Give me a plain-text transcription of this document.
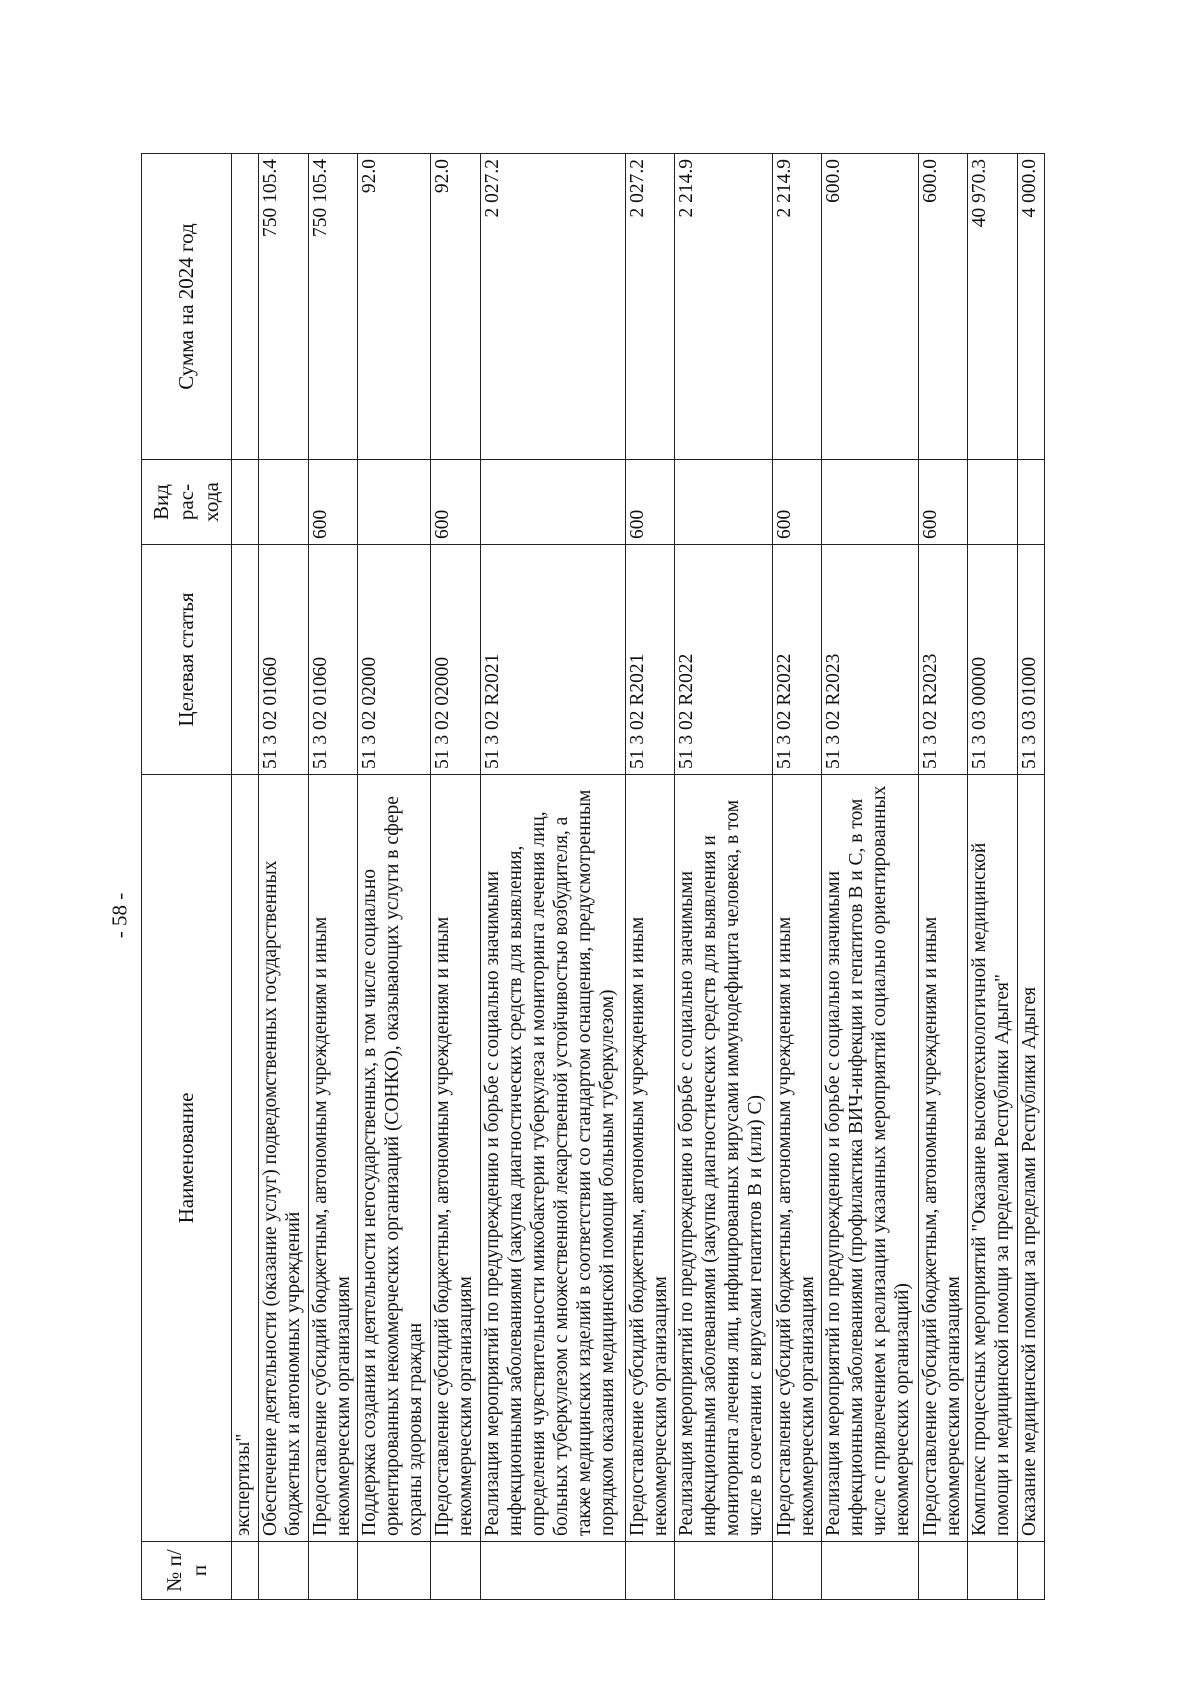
- 58 -
№ п/п	Наименование	Целевая статья	Вид рас-хода	Сумма на 2024 год
	экспертизы"			
	Обеспечение деятельности (оказание услуг) подведомственных государственных бюджетных и автономных учреждений	51 3 02 01060		750 105.4
	Предоставление субсидий бюджетным, автономным учреждениям и иным некоммерческим организациям	51 3 02 01060	600	750 105.4
	Поддержка создания и деятельности негосударственных, в том числе социально ориентированных некоммерческих организаций (СОНКО), оказывающих услуги в сфере охраны здоровья граждан	51 3 02 02000		92.0
	Предоставление субсидий бюджетным, автономным учреждениям и иным некоммерческим организациям	51 3 02 02000	600	92.0
	Реализация мероприятий по предупреждению и борьбе с социально значимыми инфекционными заболеваниями (закупка диагностических средств для выявления, определения чувствительности микобактерии туберкулеза и мониторинга лечения лиц, больных туберкулезом с множественной лекарственной устойчивостью возбудителя, а также медицинских изделий в соответствии со стандартом оснащения, предусмотренным порядком оказания медицинской помощи больным туберкулезом)	51 3 02 R2021		2 027.2
	Предоставление субсидий бюджетным, автономным учреждениям и иным некоммерческим организациям	51 3 02 R2021	600	2 027.2
	Реализация мероприятий по предупреждению и борьбе с социально значимыми инфекционными заболеваниями (закупка диагностических средств для выявления и мониторинга лечения лиц, инфицированных вирусами иммунодефицита человека, в том числе в сочетании с вирусами гепатитов B и (или) C)	51 3 02 R2022		2 214.9
	Предоставление субсидий бюджетным, автономным учреждениям и иным некоммерческим организациям	51 3 02 R2022	600	2 214.9
	Реализация мероприятий по предупреждению и борьбе с социально значимыми инфекционными заболеваниями (профилактика ВИЧ-инфекции и гепатитов B и C, в том числе с привлечением к реализации указанных мероприятий социально ориентированных некоммерческих организаций)	51 3 02 R2023		600.0
	Предоставление субсидий бюджетным, автономным учреждениям и иным некоммерческим организациям	51 3 02 R2023	600	600.0
	Комплекс процессных мероприятий "Оказание высокотехнологичной медицинской помощи и медицинской помощи за пределами Республики Адыгея"	51 3 03 00000		40 970.3
	Оказание медицинской помощи за пределами Республики Адыгея	51 3 03 01000		4 000.0
